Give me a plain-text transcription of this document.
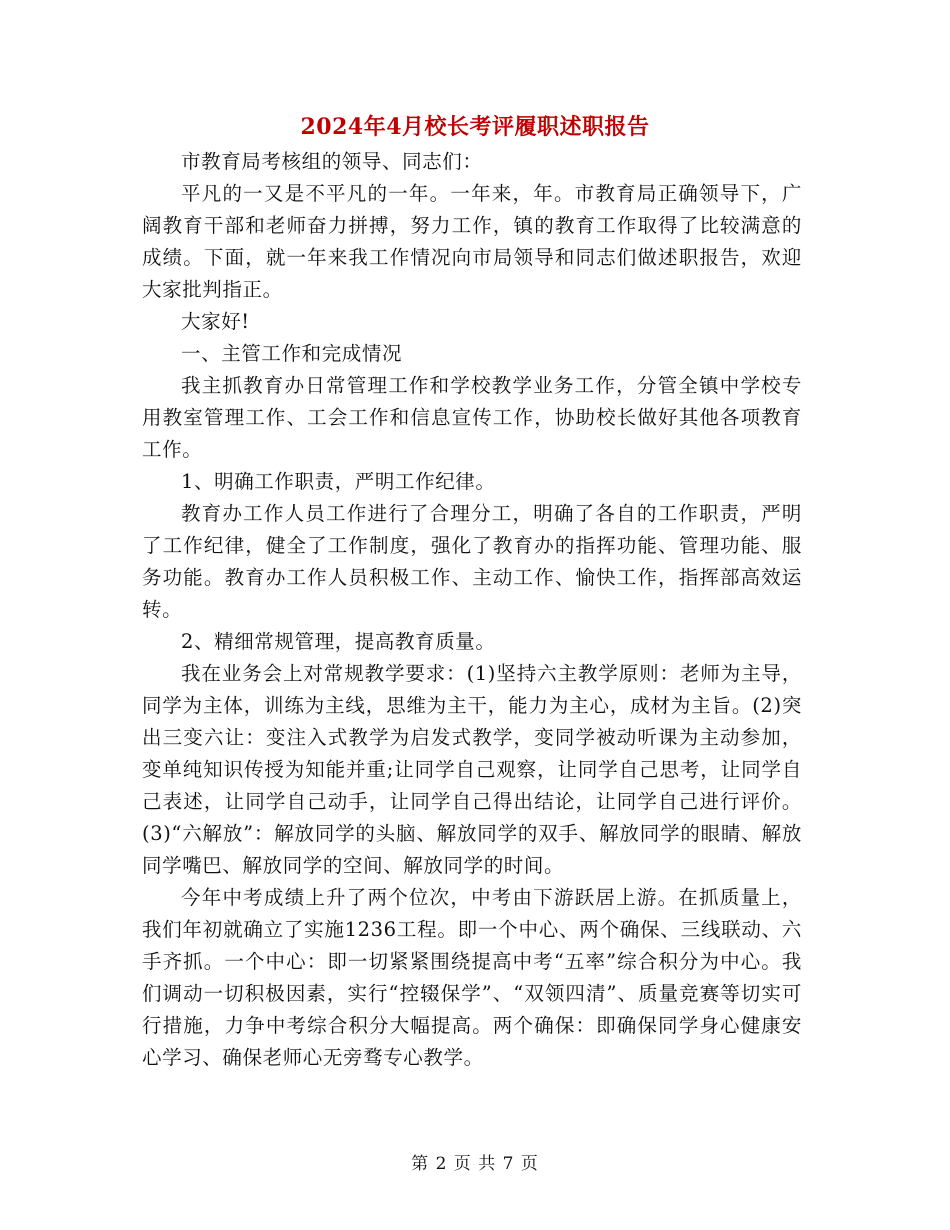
2024年4月校长考评履职述职报告

市教育局考核组的领导、同志们：

平凡的一又是不平凡的一年。一年来，年。市教育局正确领导下，广阔教育干部和老师奋力拼搏，努力工作，镇的教育工作取得了比较满意的成绩。下面，就一年来我工作情况向市局领导和同志们做述职报告，欢迎大家批判指正。

大家好!

一、主管工作和完成情况

我主抓教育办日常管理工作和学校教学业务工作，分管全镇中学校专用教室管理工作、工会工作和信息宣传工作，协助校长做好其他各项教育工作。

1、明确工作职责，严明工作纪律。

教育办工作人员工作进行了合理分工，明确了各自的工作职责，严明了工作纪律，健全了工作制度，强化了教育办的指挥功能、管理功能、服务功能。教育办工作人员积极工作、主动工作、愉快工作，指挥部高效运转。

2、精细常规管理，提高教育质量。

我在业务会上对常规教学要求：(1)坚持六主教学原则：老师为主导，同学为主体，训练为主线，思维为主干，能力为主心，成材为主旨。(2)突出三变六让：变注入式教学为启发式教学，变同学被动听课为主动参加，变单纯知识传授为知能并重;让同学自己观察，让同学自己思考，让同学自己表述，让同学自己动手，让同学自己得出结论，让同学自己进行评价。(3)“六解放”：解放同学的头脑、解放同学的双手、解放同学的眼睛、解放同学嘴巴、解放同学的空间、解放同学的时间。

今年中考成绩上升了两个位次，中考由下游跃居上游。在抓质量上，我们年初就确立了实施1236工程。即一个中心、两个确保、三线联动、六手齐抓。一个中心：即一切紧紧围绕提高中考“五率”综合积分为中心。我们调动一切积极因素，实行“控辍保学”、“双领四清”、质量竞赛等切实可行措施，力争中考综合积分大幅提高。两个确保：即确保同学身心健康安心学习、确保老师心无旁骛专心教学。

第 2 页 共 7 页
